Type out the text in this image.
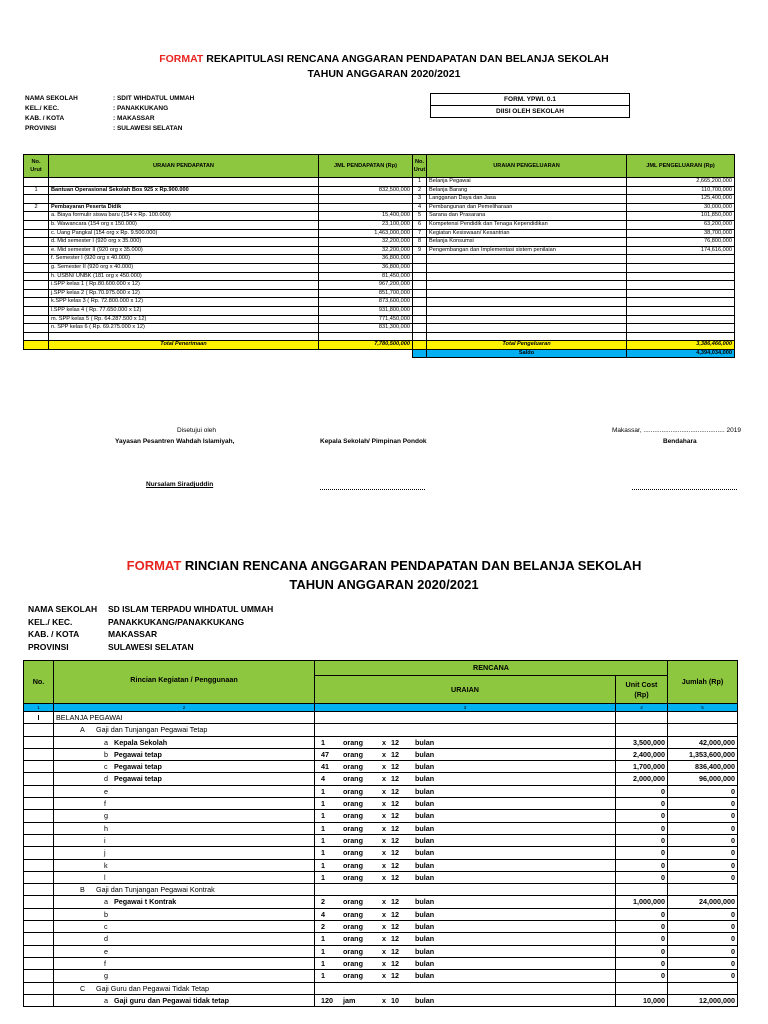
FORMAT REKAPITULASI RENCANA ANGGARAN PENDAPATAN DAN BELANJA SEKOLAH
TAHUN ANGGARAN 2020/2021
NAMA SEKOLAH	: SDIT WIHDATUL UMMAH
KEL./ KEC.	: PANAKKUKANG
KAB. / KOTA	: MAKASSAR
PROVINSI	: SULAWESI SELATAN
FORM. YPWI. 0.1
DIISI OLEH SEKOLAH
No. Urut	URAIAN PENDAPATAN	JML PENDAPATAN (Rp)	No. Urut	URAIAN PENGELUARAN	JML PENGELUARAN (Rp)
			1	Belanja Pegawai	2,665,200,000
1	Bantuan Operasional Sekolah Bos 925 x Rp.900.000	832,500,000	2	Belanja Barang	110,700,000
			3	Langganan Daya dan Jasa	125,400,000
2	Pembayaran Peserta Didik		4	Pembangunan dan Pemeliharaan	30,000,000
	a. Biaya formulir siswa baru (154 x Rp. 100.000)	15,400,000	5	Sarana dan Prasarana	101,850,000
	b. Wawancara (154 org x 150.000)	23,100,000	6	Kompetensi Pendidik dan Tenaga Kependidikan	63,200,000
	c. Uang Pangkal (154 org x Rp. 9.500.000)	1,463,000,000	7	Kegiatan Kesiswaan/ Kesantrian	38,700,000
	d. Mid semester I (920 org x 35.000)	32,200,000	8	Belanja Konsumsi	76,800,000
	e. Mid semester II (920 org x 35.000)	32,200,000	9	Pengembangan dan Implementasi sistem penilaian	174,616,000
	f. Semester I (920 org x 40.000)	36,800,000			
	g. Semester II (920 org x 40.000)	36,800,000			
	h. USBN/ UNBK (181 org x 450.000)	81,450,000			
	i.SPP kelas 1 ( Rp.80.600.000 x 12)	967,200,000			
	j.SPP kelas 2 ( Rp.70.975.000 x 12)	851,700,000			
	k.SPP kelas 3 ( Rp. 72.800.000 x 12)	873,600,000			
	l.SPP kelas 4 ( Rp. 77.650.000 x 12)	931,800,000			
	m. SPP kelas 5 ( Rp. 64.287.500 x 12)	771,450,000			
	n. SPP kelas 6 ( Rp. 69.275.000 x 12)	831,300,000			

	Total Penerimaan	7,780,500,000		Total Pengeluaran	3,386,466,000
				Saldo	4,394,034,000
Disetujui oleh
Yayasan Pesantren Wahdah Islamiyah,	Kepala Sekolah/ Pimpinan Pondok
Makassar, ............................................. 2019
Bendahara
Nursalam Siradjuddin
FORMAT RINCIAN RENCANA ANGGARAN PENDAPATAN DAN BELANJA SEKOLAH
TAHUN ANGGARAN 2020/2021
NAMA SEKOLAH	SD ISLAM TERPADU WIHDATUL UMMAH
KEL./ KEC.	PANAKKUKANG/PANAKKUKANG
KAB. / KOTA	MAKASSAR
PROVINSI	SULAWESI SELATAN
No.	Rincian Kegiatan / Penggunaan	RENCANA		Jumlah (Rp)
		URAIAN	Unit Cost (Rp)	
1	2	3	4	5
I	BELANJA PEGAWAI			
	A Gaji dan Tunjangan Pegawai Tetap			
	a Kepala Sekolah	1 orang x 12 bulan	3,500,000	42,000,000
	b Pegawai tetap	47 orang x 12 bulan	2,400,000	1,353,600,000
	c Pegawai tetap	41 orang x 12 bulan	1,700,000	836,400,000
	d Pegawai tetap	4 orang x 12 bulan	2,000,000	96,000,000
	e	1 orang x 12 bulan	0	0
	f	1 orang x 12 bulan	0	0
	g	1 orang x 12 bulan	0	0
	h	1 orang x 12 bulan	0	0
	i	1 orang x 12 bulan	0	0
	j	1 orang x 12 bulan	0	0
	k	1 orang x 12 bulan	0	0
	l	1 orang x 12 bulan	0	0
	B Gaji dan Tunjangan Pegawai Kontrak			
	a Pegawai t Kontrak	2 orang x 12 bulan	1,000,000	24,000,000
	b	4 orang x 12 bulan	0	0
	c	2 orang x 12 bulan	0	0
	d	1 orang x 12 bulan	0	0
	e	1 orang x 12 bulan	0	0
	f	1 orang x 12 bulan	0	0
	g	1 orang x 12 bulan	0	0
	C Gaji Guru dan Pegawai Tidak Tetap			
	a Gaji guru dan Pegawai tidak tetap	120 jam x 10 bulan	10,000	12,000,000
